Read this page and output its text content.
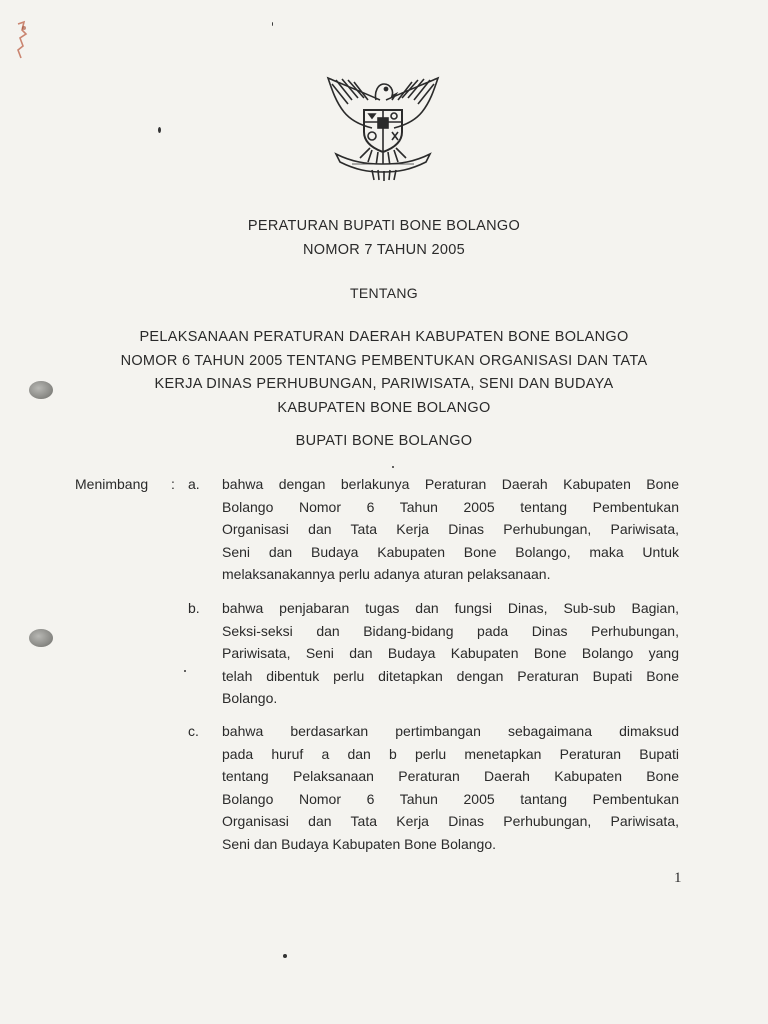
PERATURAN BUPATI BONE BOLANGO
NOMOR 7 TAHUN 2005
TENTANG
PELAKSANAAN PERATURAN DAERAH KABUPATEN BONE BOLANGO
NOMOR 6 TAHUN 2005 TENTANG PEMBENTUKAN ORGANISASI DAN TATA
KERJA DINAS PERHUBUNGAN, PARIWISATA, SENI DAN BUDAYA
KABUPATEN BONE BOLANGO
BUPATI BONE BOLANGO
Menimbang : a. bahwa dengan berlakunya Peraturan Daerah Kabupaten Bone
Bolango Nomor 6 Tahun 2005 tentang Pembentukan
Organisasi dan Tata Kerja Dinas Perhubungan, Pariwisata,
Seni dan Budaya Kabupaten Bone Bolango, maka Untuk
melaksanakannya perlu adanya aturan pelaksanaan.
b. bahwa penjabaran tugas dan fungsi Dinas, Sub-sub Bagian,
Seksi-seksi dan Bidang-bidang pada Dinas Perhubungan,
Pariwisata, Seni dan Budaya Kabupaten Bone Bolango yang
telah dibentuk perlu ditetapkan dengan Peraturan Bupati Bone
Bolango.
c. bahwa berdasarkan pertimbangan sebagaimana dimaksud
pada huruf a dan b perlu menetapkan Peraturan Bupati
tentang Pelaksanaan Peraturan Daerah Kabupaten Bone
Bolango Nomor 6 Tahun 2005 tantang Pembentukan
Organisasi dan Tata Kerja Dinas Perhubungan, Pariwisata,
Seni dan Budaya Kabupaten Bone Bolango.
1
